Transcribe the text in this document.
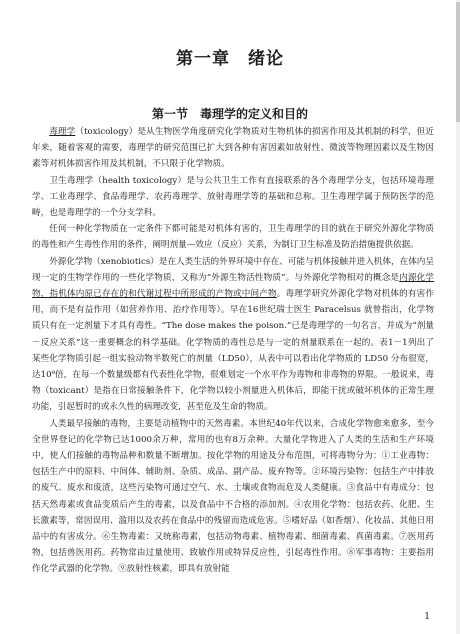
第一章　绪论
第一节　毒理学的定义和目的

毒理学（toxicology）是从生物医学角度研究化学物质对生物机体的损害作用及其机制的科学，但近年来，随着客观的需要，毒理学的研究范围已扩大到各种有害因素如放射性、微波等物理因素以及生物因素等对机体损害作用及其机制，不只限于化学物质。

卫生毒理学（health toxicology）是与公共卫生工作有直接联系的各个毒理学分支，包括环境毒理学、工业毒理学、食品毒理学、农药毒理学、放射毒理学等的基础和总称。卫生毒理学属于预防医学的范畴，也是毒理学的一个分支学科。

任何一种化学物质在一定条件下都可能是对机体有害的，卫生毒理学的目的就在于研究外源化学物质的毒性和产生毒性作用的条件，阐明剂量—效应（反应）关系，为制订卫生标准及防治措施提供依据。

外源化学物（xenobiotics）是在人类生活的外界环境中存在、可能与机体接触并进入机体，在体内呈现一定的生物学作用的一些化学物质，又称为“外源生物活性物质”。与外源化学物相对的概念是内源化学物，指机体内原已存在的和代谢过程中所形成的产物或中间产物。毒理学研究外源化学物对机体的有害作用，而不是有益作用（如营养作用、治疗作用等）。早在16世纪瑞士医生 Paracelsus 就曾指出，化学物质只有在一定剂量下才具有毒性。“The dose makes the poison.”已是毒理学的一句名言，并成为“剂量－反应关系”这一重要概念的科学基础。化学物质的毒性总是与一定的剂量联系在一起的。表1－1列出了某些化学物质引起一组实验动物半数死亡的剂量（LD50），从表中可以看出化学物质的 LD50 分布很宽，达10⁹倍，在每一个数量级都有代表性化学物，很难划定一个水平作为毒物和非毒物的界限。一般说来，毒物（toxicant）是指在日常接触条件下，化学物以较小剂量进入机体后，即能干扰或破坏机体的正常生理功能，引起暂时的或永久性的病理改变，甚至危及生命的物质。

人类最早接触的毒物，主要是动植物中的天然毒素。本世纪40年代以来，合成化学物愈来愈多，至今全世界登记的化学物已达1000余万种，常用的也有8万余种。大量化学物进入了人类的生活和生产环境中，使人们接触的毒物品种和数量不断增加。按化学物的用途及分布范围，可将毒物分为：①工业毒物：包括生产中的原料、中间体、辅助剂、杂质、成品、副产品、废弃物等。②环境污染物：包括生产中排放的废气、废水和废渣，这些污染物可通过空气、水、土壤或食物而危及人类健康。③食品中有毒成分：包括天然毒素或食品变质后产生的毒素，以及食品中不合格的添加剂。④农用化学物：包括农药、化肥、生长激素等，常因误用、滥用以及农药在食品中的残留而造成危害。⑤嗜好品（如香烟）、化妆品、其他日用品中的有害成分。⑥生物毒素：又统称毒素，包括动物毒素、植物毒素、细菌毒素、真菌毒素。⑦医用药物，包括兽医用药。药物常由过量使用、致敏作用或特异反应性，引起毒性作用。⑧军事毒物：主要指用作化学武器的化学物。⑨放射性核素，即具有放射能

1
